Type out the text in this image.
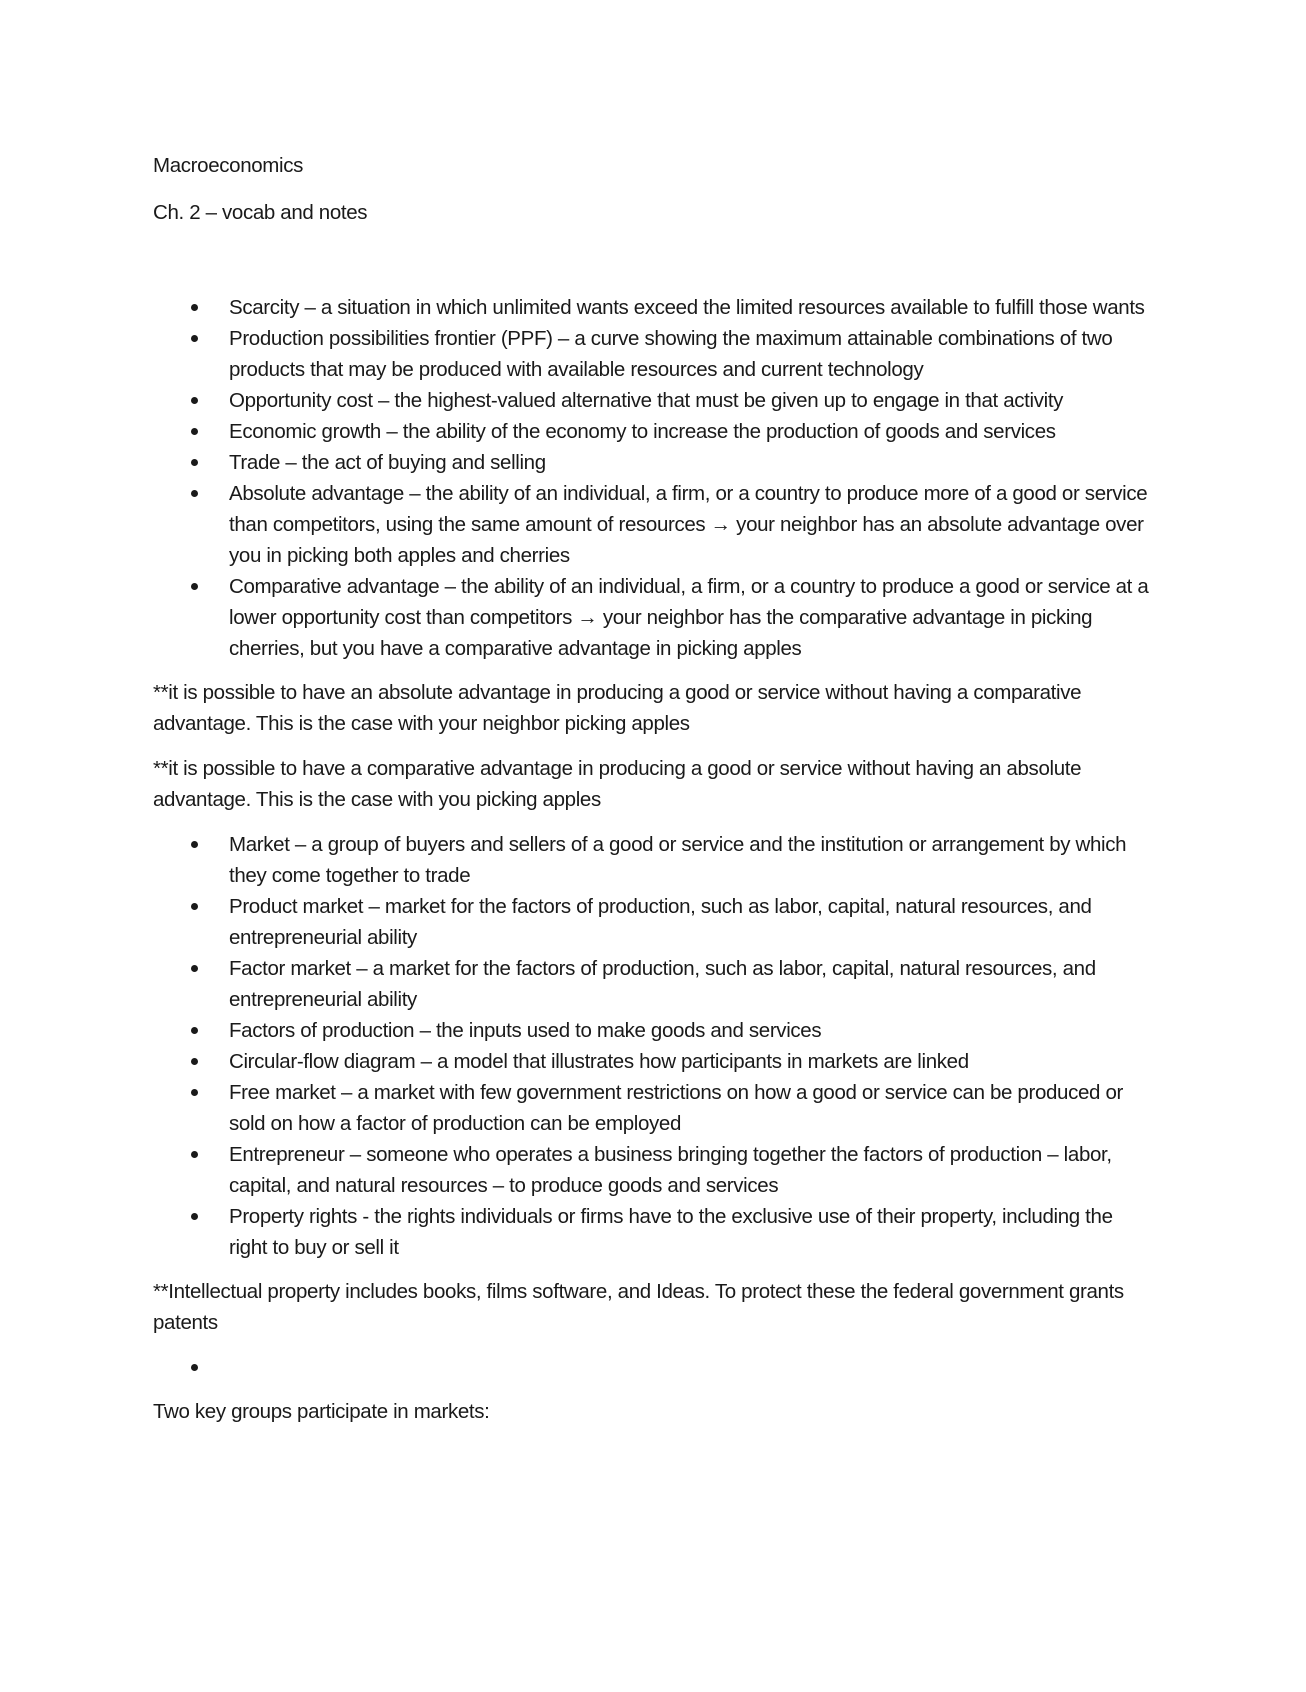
Macroeconomics

Ch. 2 – vocab and notes

Scarcity – a situation in which unlimited wants exceed the limited resources available to fulfill those wants
Production possibilities frontier (PPF) – a curve showing the maximum attainable combinations of two products that may be produced with available resources and current technology
Opportunity cost – the highest-valued alternative that must be given up to engage in that activity
Economic growth – the ability of the economy to increase the production of goods and services
Trade – the act of buying and selling
Absolute advantage – the ability of an individual, a firm, or a country to produce more of a good or service than competitors, using the same amount of resources → your neighbor has an absolute advantage over you in picking both apples and cherries
Comparative advantage – the ability of an individual, a firm, or a country to produce a good or service at a lower opportunity cost than competitors → your neighbor has the comparative advantage in picking cherries, but you have a comparative advantage in picking apples

**it is possible to have an absolute advantage in producing a good or service without having a comparative advantage. This is the case with your neighbor picking apples

**it is possible to have a comparative advantage in producing a good or service without having an absolute advantage. This is the case with you picking apples

Market – a group of buyers and sellers of a good or service and the institution or arrangement by which they come together to trade
Product market – market for the factors of production, such as labor, capital, natural resources, and entrepreneurial ability
Factor market – a market for the factors of production, such as labor, capital, natural resources, and entrepreneurial ability
Factors of production – the inputs used to make goods and services
Circular-flow diagram – a model that illustrates how participants in markets are linked
Free market – a market with few government restrictions on how a good or service can be produced or sold on how a factor of production can be employed
Entrepreneur – someone who operates a business bringing together the factors of production – labor, capital, and natural resources – to produce goods and services
Property rights - the rights individuals or firms have to the exclusive use of their property, including the right to buy or sell it

**Intellectual property includes books, films software, and Ideas. To protect these the federal government grants patents

Two key groups participate in markets:
